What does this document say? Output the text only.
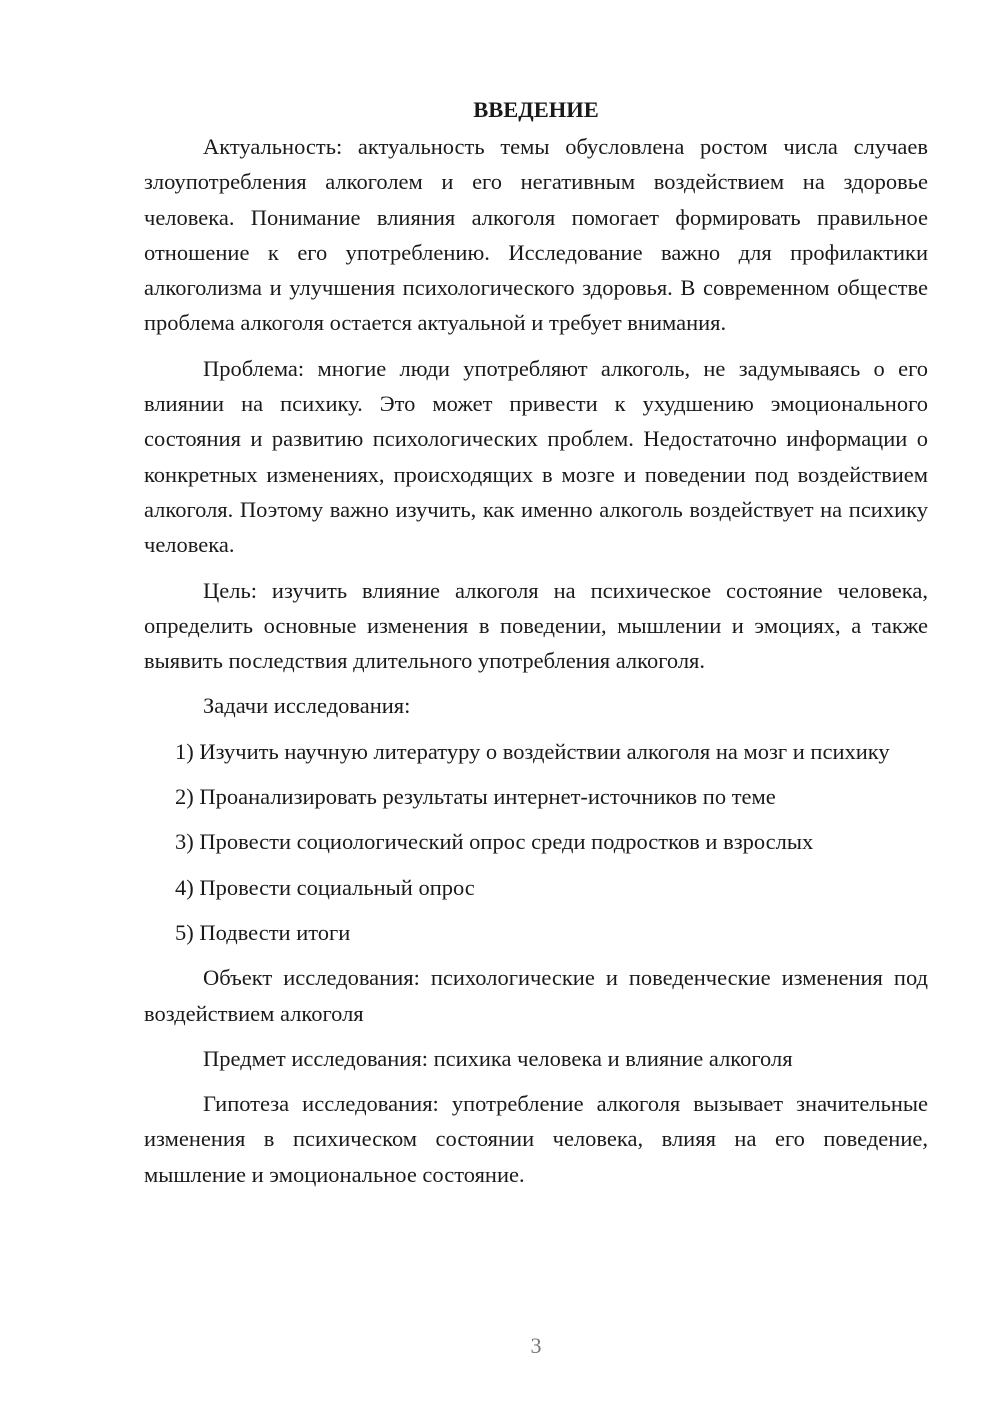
ВВЕДЕНИЕ

Актуальность: актуальность темы обусловлена ростом числа случаев злоупотребления алкоголем и его негативным воздействием на здоровье человека. Понимание влияния алкоголя помогает формировать правильное отношение к его употреблению. Исследование важно для профилактики алкоголизма и улучшения психологического здоровья. В современном обществе проблема алкоголя остается актуальной и требует внимания.

Проблема: многие люди употребляют алкоголь, не задумываясь о его влиянии на психику. Это может привести к ухудшению эмоционального состояния и развитию психологических проблем. Недостаточно информации о конкретных изменениях, происходящих в мозге и поведении под воздействием алкоголя. Поэтому важно изучить, как именно алкоголь воздействует на психику человека.

Цель: изучить влияние алкоголя на психическое состояние человека, определить основные изменения в поведении, мышлении и эмоциях, а также выявить последствия длительного употребления алкоголя.

Задачи исследования:

1) Изучить научную литературу о воздействии алкоголя на мозг и психику

2) Проанализировать результаты интернет-источников по теме

3) Провести социологический опрос среди подростков и взрослых

4) Провести социальный опрос

5) Подвести итоги

Объект исследования: психологические и поведенческие изменения под воздействием алкоголя

Предмет исследования: психика человека и влияние алкоголя

Гипотеза исследования: употребление алкоголя вызывает значительные изменения в психическом состоянии человека, влияя на его поведение, мышление и эмоциональное состояние.

3
